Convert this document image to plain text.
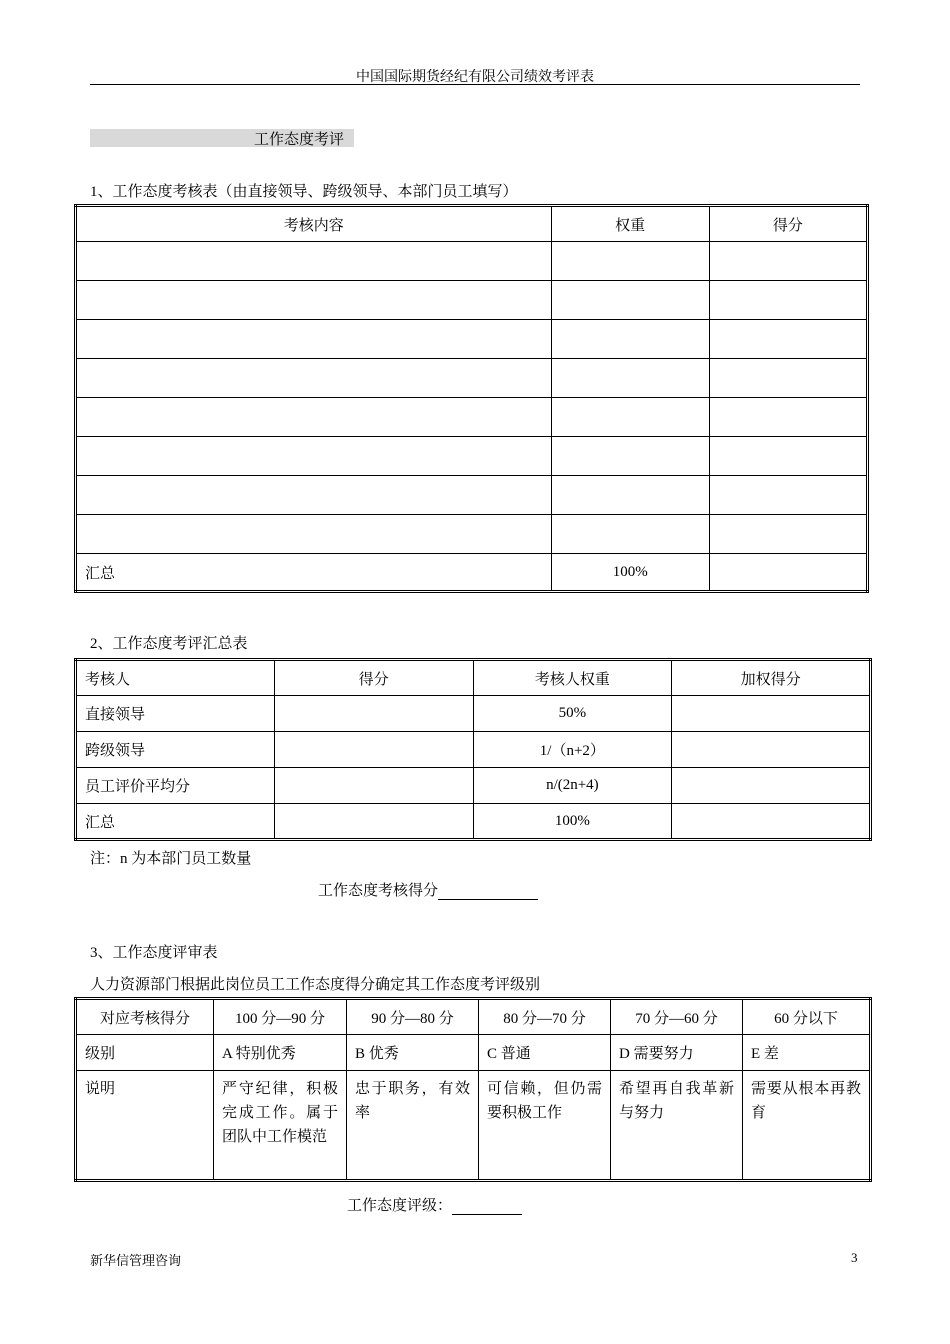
中国国际期货经纪有限公司绩效考评表
工作态度考评
1、工作态度考核表（由直接领导、跨级领导、本部门员工填写）
考核内容	权重	得分

汇总	100%	
2、工作态度考评汇总表
考核人	得分	考核人权重	加权得分
直接领导		50%	
跨级领导		1/（n+2）	
员工评价平均分		n/(2n+4)	
汇总		100%	
注：n 为本部门员工数量
工作态度考核得分
3、工作态度评审表
人力资源部门根据此岗位员工工作态度得分确定其工作态度考评级别
对应考核得分	100 分—90 分	90 分—80 分	80 分—70 分	70 分—60 分	60 分以下
级别	A 特别优秀	B 优秀	C 普通	D 需要努力	E 差
说明	严守纪律，积极完成工作。属于团队中工作模范	忠于职务，有效率	可信赖，但仍需要积极工作	希望再自我革新与努力	需要从根本再教育
工作态度评级：
新华信管理咨询	3
